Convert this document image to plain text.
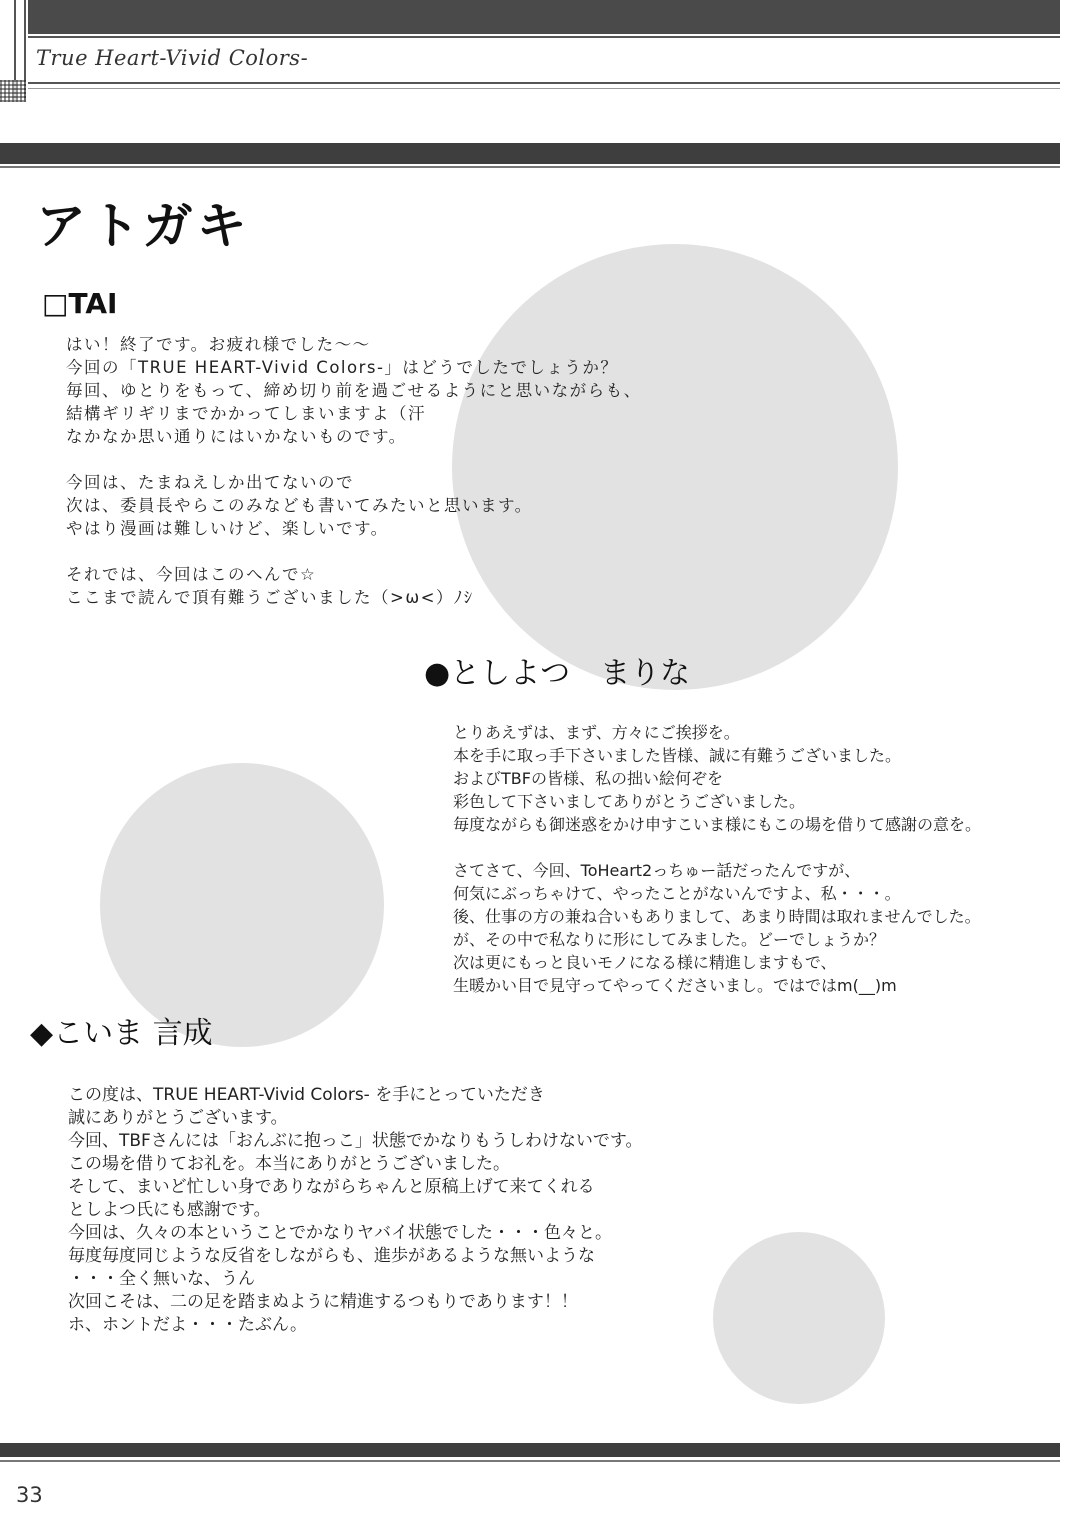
True Heart-Vivid Colors-
アトガキ
□TAI
はい！終了です。お疲れ様でした～～
今回の「TRUE HEART-Vivid Colors-」はどうでしたでしょうか？
毎回、ゆとりをもって、締め切り前を過ごせるようにと思いながらも、
結構ギリギリまでかかってしまいますよ（汗
なかなか思い通りにはいかないものです。
今回は、たまねえしか出てないので
次は、委員長やらこのみなども書いてみたいと思います。
やはり漫画は難しいけど、楽しいです。
それでは、今回はこのへんで☆
ここまで読んで頂有難うございました（>ω<）ﾉｼ
●としよつ　まりな
とりあえずは、まず、方々にご挨拶を。
本を手に取っ手下さいました皆様、誠に有難うございました。
およびTBFの皆様、私の拙い絵何ぞを
彩色して下さいましてありがとうございました。
毎度ながらも御迷惑をかけ申すこいま様にもこの場を借りて感謝の意を。
さてさて、今回、ToHeart2っちゅー話だったんですが、
何気にぶっちゃけて、やったことがないんですよ、私・・・。
後、仕事の方の兼ね合いもありまして、あまり時間は取れませんでした。
が、その中で私なりに形にしてみました。どーでしょうか？
次は更にもっと良いモノになる様に精進しますもで、
生暖かい目で見守ってやってくださいまし。ではではm(__)m
◆こいま 言成
この度は、TRUE HEART-Vivid Colors- を手にとっていただき
誠にありがとうございます。
今回、TBFさんには「おんぶに抱っこ」状態でかなりもうしわけないです。
この場を借りてお礼を。本当にありがとうございました。
そして、まいど忙しい身でありながらちゃんと原稿上げて来てくれる
としよつ氏にも感謝です。
今回は、久々の本ということでかなりヤバイ状態でした・・・色々と。
毎度毎度同じような反省をしながらも、進歩があるような無いような
・・・全く無いな、うん
次回こそは、二の足を踏まぬように精進するつもりであります！！
ホ、ホントだよ・・・たぶん。
33
